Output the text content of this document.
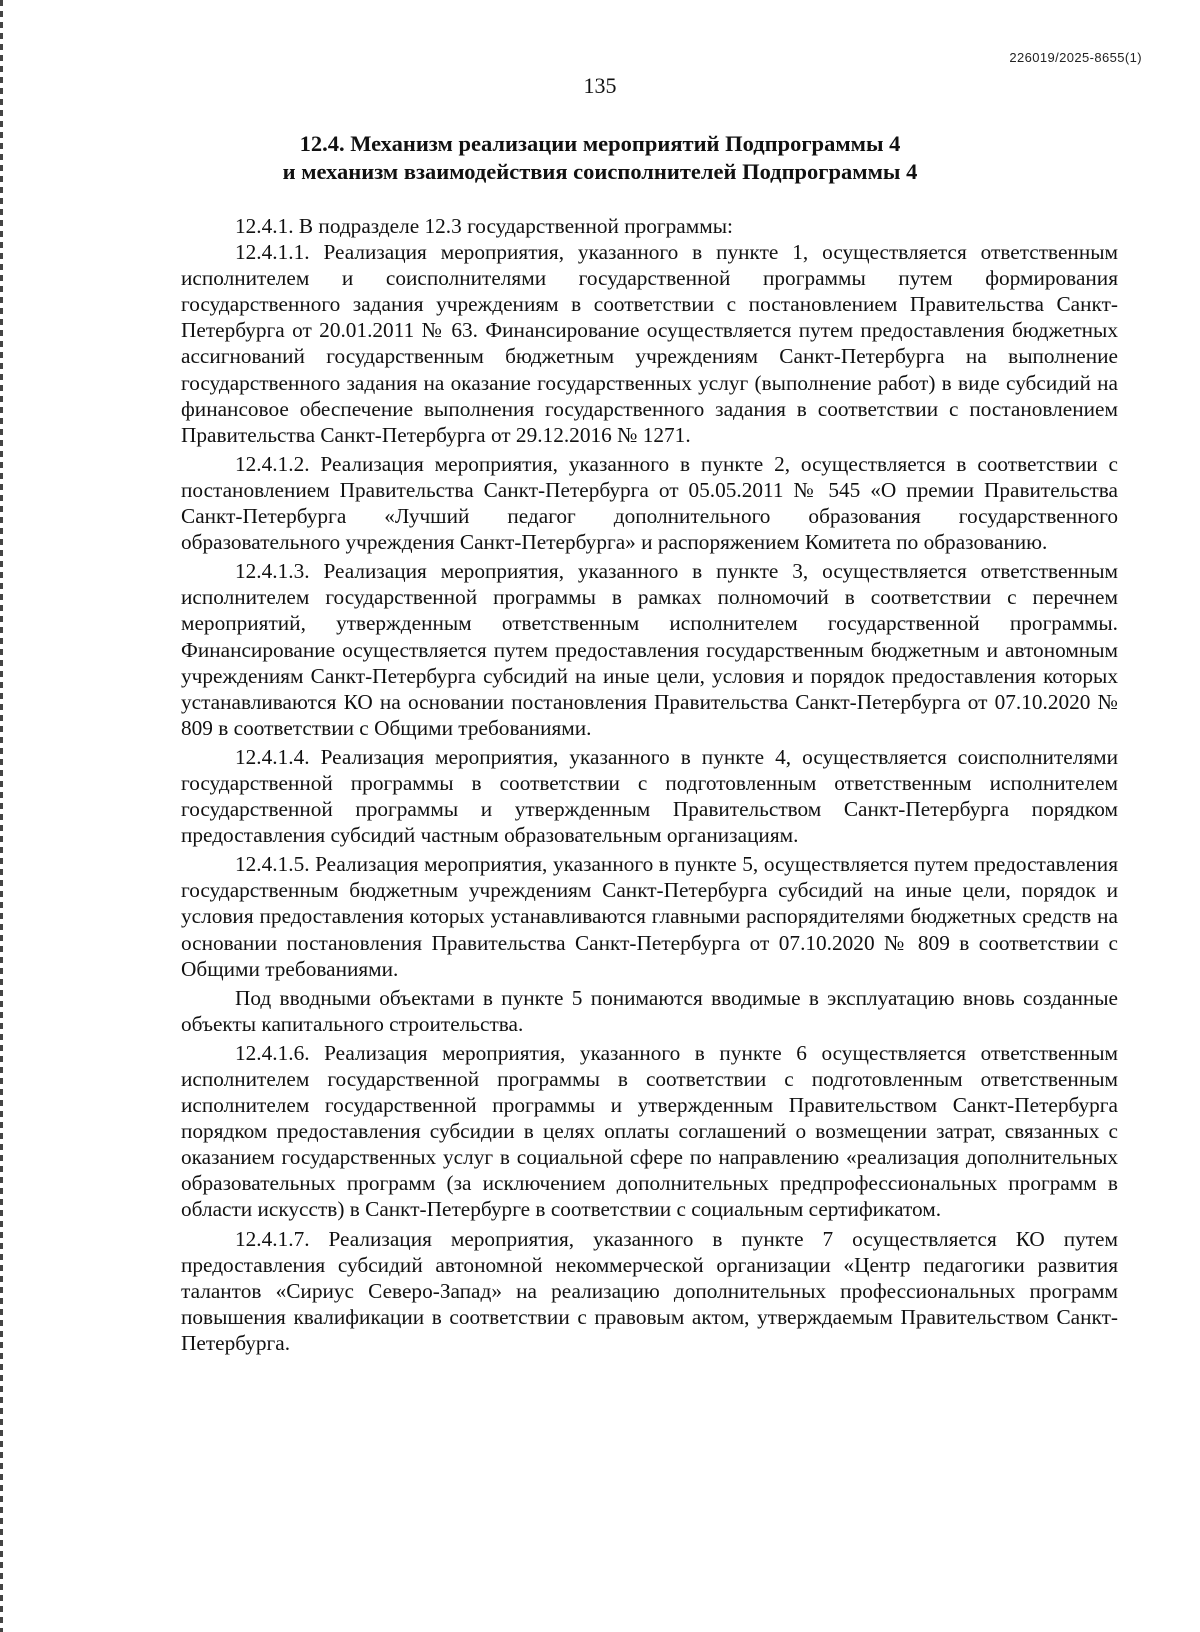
226019/2025-8655(1)
135
12.4. Механизм реализации мероприятий Подпрограммы 4
и механизм взаимодействия соисполнителей Подпрограммы 4

12.4.1. В подразделе 12.3 государственной программы:

12.4.1.1. Реализация мероприятия, указанного в пункте 1, осуществляется ответственным исполнителем и соисполнителями государственной программы путем формирования государственного задания учреждениям в соответствии с постановлением Правительства Санкт-Петербурга от 20.01.2011 № 63. Финансирование осуществляется путем предоставления бюджетных ассигнований государственным бюджетным учреждениям Санкт-Петербурга на выполнение государственного задания на оказание государственных услуг (выполнение работ) в виде субсидий на финансовое обеспечение выполнения государственного задания в соответствии с постановлением Правительства Санкт-Петербурга от 29.12.2016 № 1271.

12.4.1.2. Реализация мероприятия, указанного в пункте 2, осуществляется в соответствии с постановлением Правительства Санкт-Петербурга от 05.05.2011 № 545 «О премии Правительства Санкт-Петербурга «Лучший педагог дополнительного образования государственного образовательного учреждения Санкт-Петербурга» и распоряжением Комитета по образованию.

12.4.1.3. Реализация мероприятия, указанного в пункте 3, осуществляется ответственным исполнителем государственной программы в рамках полномочий в соответствии с перечнем мероприятий, утвержденным ответственным исполнителем государственной программы. Финансирование осуществляется путем предоставления государственным бюджетным и автономным учреждениям Санкт-Петербурга субсидий на иные цели, условия и порядок предоставления которых устанавливаются КО на основании постановления Правительства Санкт-Петербурга от 07.10.2020 № 809 в соответствии с Общими требованиями.

12.4.1.4. Реализация мероприятия, указанного в пункте 4, осуществляется соисполнителями государственной программы в соответствии с подготовленным ответственным исполнителем государственной программы и утвержденным Правительством Санкт-Петербурга порядком предоставления субсидий частным образовательным организациям.

12.4.1.5. Реализация мероприятия, указанного в пункте 5, осуществляется путем предоставления государственным бюджетным учреждениям Санкт-Петербурга субсидий на иные цели, порядок и условия предоставления которых устанавливаются главными распорядителями бюджетных средств на основании постановления Правительства Санкт-Петербурга от 07.10.2020 № 809 в соответствии с Общими требованиями.

Под вводными объектами в пункте 5 понимаются вводимые в эксплуатацию вновь созданные объекты капитального строительства.

12.4.1.6. Реализация мероприятия, указанного в пункте 6 осуществляется ответственным исполнителем государственной программы в соответствии с подготовленным ответственным исполнителем государственной программы и утвержденным Правительством Санкт-Петербурга порядком предоставления субсидии в целях оплаты соглашений о возмещении затрат, связанных с оказанием государственных услуг в социальной сфере по направлению «реализация дополнительных образовательных программ (за исключением дополнительных предпрофессиональных программ в области искусств) в Санкт-Петербурге в соответствии с социальным сертификатом.

12.4.1.7. Реализация мероприятия, указанного в пункте 7 осуществляется КО путем предоставления субсидий автономной некоммерческой организации «Центр педагогики развития талантов «Сириус Северо-Запад» на реализацию дополнительных профессиональных программ повышения квалификации в соответствии с правовым актом, утверждаемым Правительством Санкт-Петербурга.
